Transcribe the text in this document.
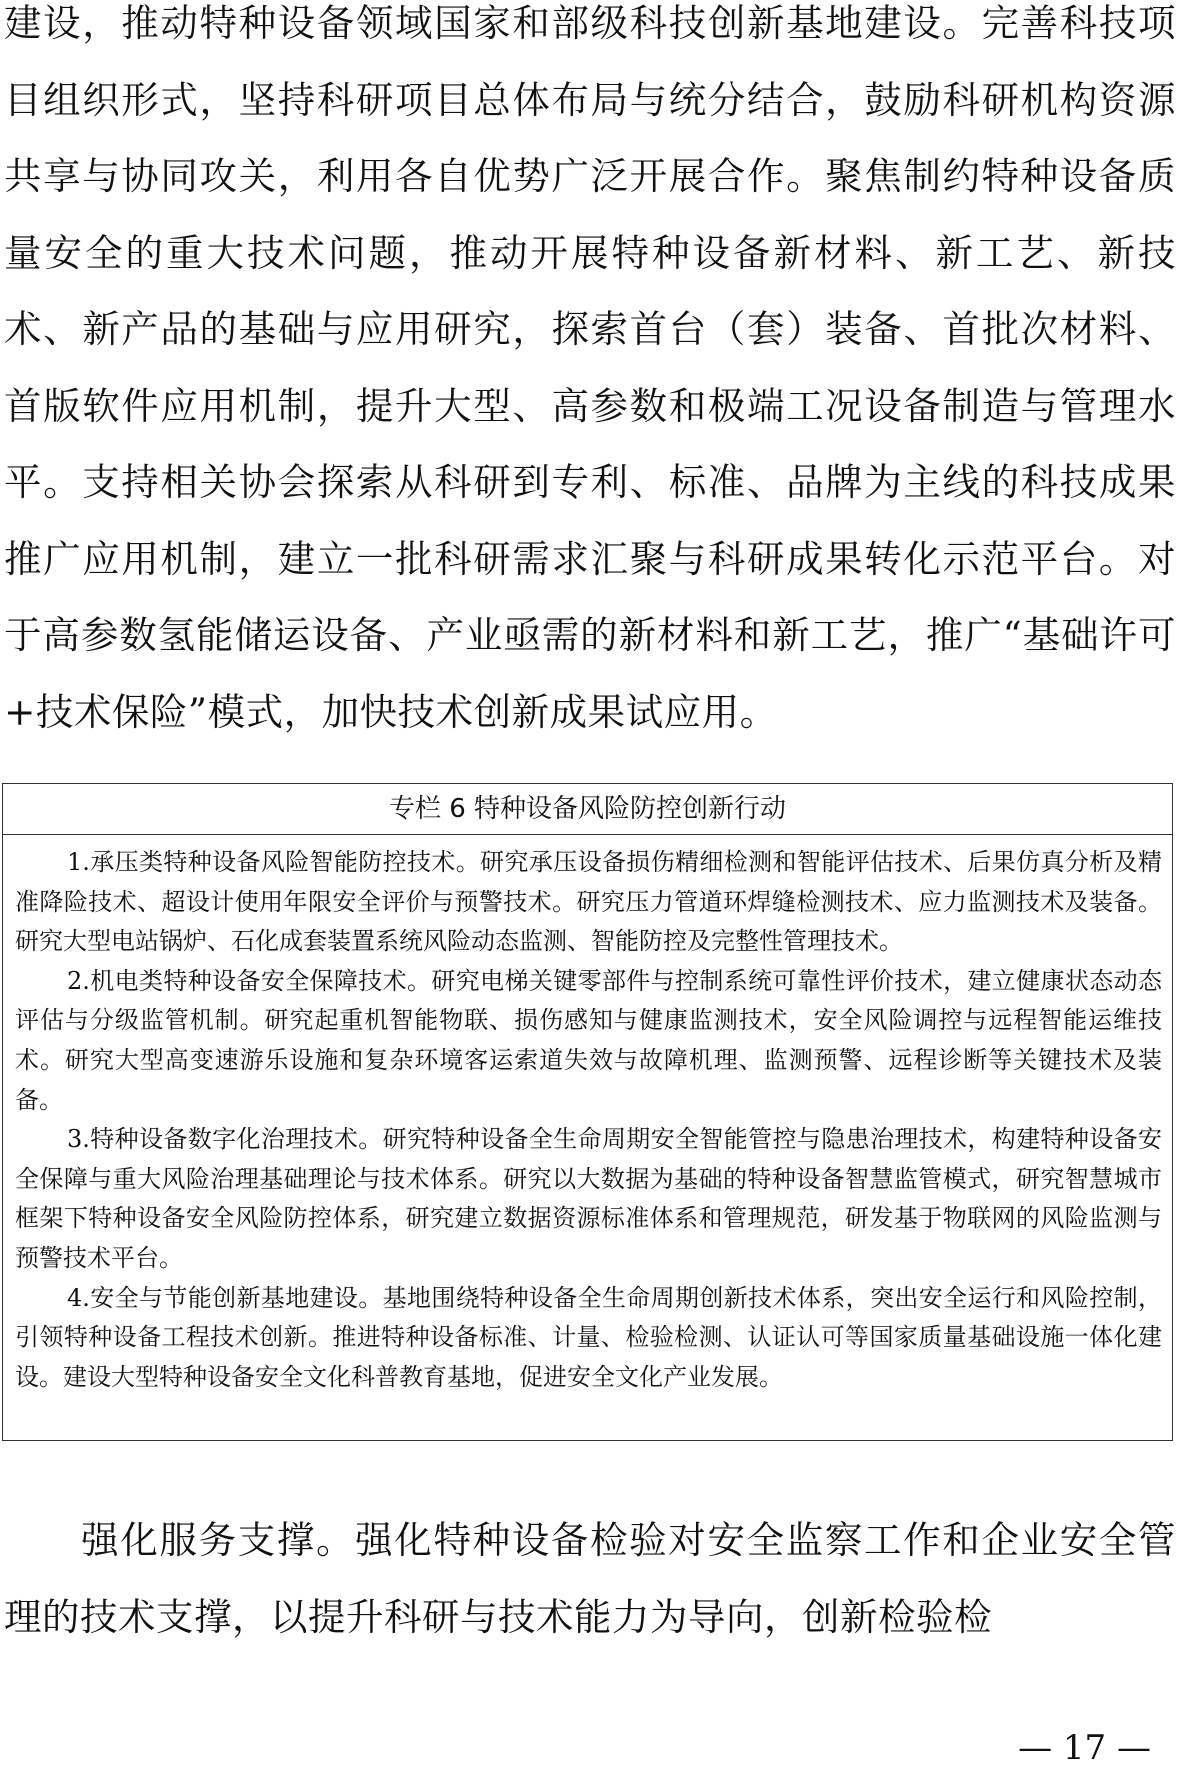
建设，推动特种设备领域国家和部级科技创新基地建设。完善科技项目组织形式，坚持科研项目总体布局与统分结合，鼓励科研机构资源共享与协同攻关，利用各自优势广泛开展合作。聚焦制约特种设备质量安全的重大技术问题，推动开展特种设备新材料、新工艺、新技术、新产品的基础与应用研究，探索首台（套）装备、首批次材料、首版软件应用机制，提升大型、高参数和极端工况设备制造与管理水平。支持相关协会探索从科研到专利、标准、品牌为主线的科技成果推广应用机制，建立一批科研需求汇聚与科研成果转化示范平台。对于高参数氢能储运设备、产业亟需的新材料和新工艺，推广“基础许可+技术保险”模式，加快技术创新成果试应用。

专栏 6 特种设备风险防控创新行动

1.承压类特种设备风险智能防控技术。研究承压设备损伤精细检测和智能评估技术、后果仿真分析及精准降险技术、超设计使用年限安全评价与预警技术。研究压力管道环焊缝检测技术、应力监测技术及装备。研究大型电站锅炉、石化成套装置系统风险动态监测、智能防控及完整性管理技术。

2.机电类特种设备安全保障技术。研究电梯关键零部件与控制系统可靠性评价技术，建立健康状态动态评估与分级监管机制。研究起重机智能物联、损伤感知与健康监测技术，安全风险调控与远程智能运维技术。研究大型高变速游乐设施和复杂环境客运索道失效与故障机理、监测预警、远程诊断等关键技术及装备。

3.特种设备数字化治理技术。研究特种设备全生命周期安全智能管控与隐患治理技术，构建特种设备安全保障与重大风险治理基础理论与技术体系。研究以大数据为基础的特种设备智慧监管模式，研究智慧城市框架下特种设备安全风险防控体系，研究建立数据资源标准体系和管理规范，研发基于物联网的风险监测与预警技术平台。

4.安全与节能创新基地建设。基地围绕特种设备全生命周期创新技术体系，突出安全运行和风险控制，引领特种设备工程技术创新。推进特种设备标准、计量、检验检测、认证认可等国家质量基础设施一体化建设。建设大型特种设备安全文化科普教育基地，促进安全文化产业发展。

  强化服务支撑。强化特种设备检验对安全监察工作和企业安全管理的技术支撑，以提升科研与技术能力为导向，创新检验检

— 17 —
